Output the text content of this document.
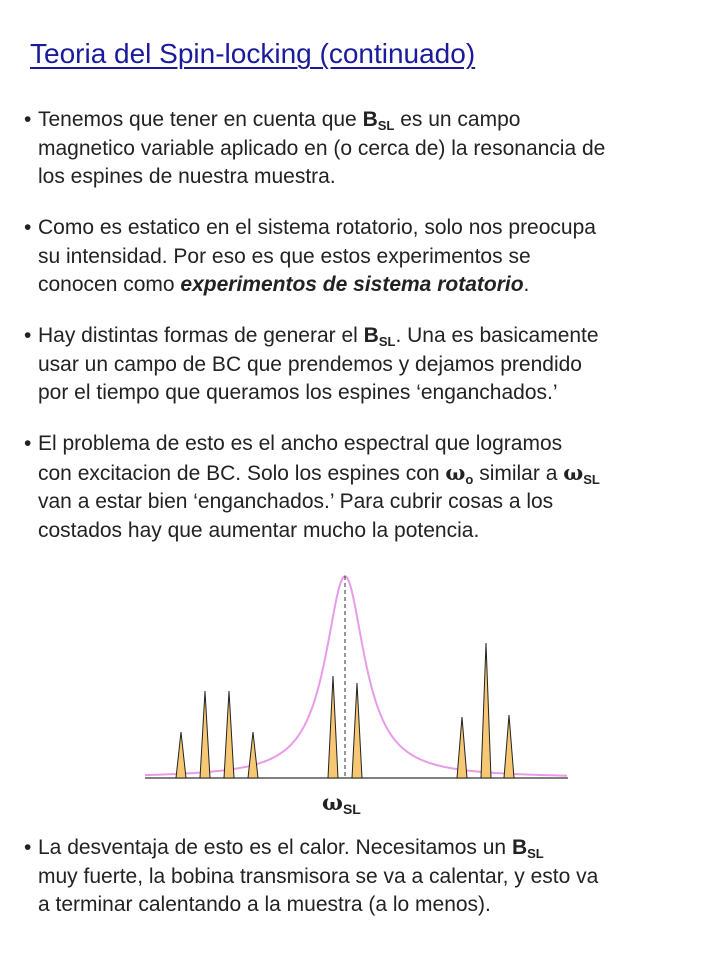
Teoria del Spin-locking (continuado)
• Tenemos que tener en cuenta que $B_{SL}$ es un campo
magnetico variable aplicado en (o cerca de) la resonancia de
los espines de nuestra muestra.
• Como es estatico en el sistema rotatorio, solo nos preocupa
su intensidad. Por eso es que estos experimentos se
conocen como experimentos de sistema rotatorio.
• Hay distintas formas de generar el $B_{SL}$. Una es basicamente
usar un campo de BC que prendemos y dejamos prendido
por el tiempo que queramos los espines ‘enganchados.’
• El problema de esto es el ancho espectral que logramos
con excitacion de BC. Solo los espines con $\omega_o$ similar a $\omega_{SL}$
van a estar bien ‘enganchados.’ Para cubrir cosas a los
costados hay que aumentar mucho la potencia.
$\omega_{SL}$
• La desventaja de esto es el calor. Necesitamos un $B_{SL}$
muy fuerte, la bobina transmisora se va a calentar, y esto va
a terminar calentando a la muestra (a lo menos).
